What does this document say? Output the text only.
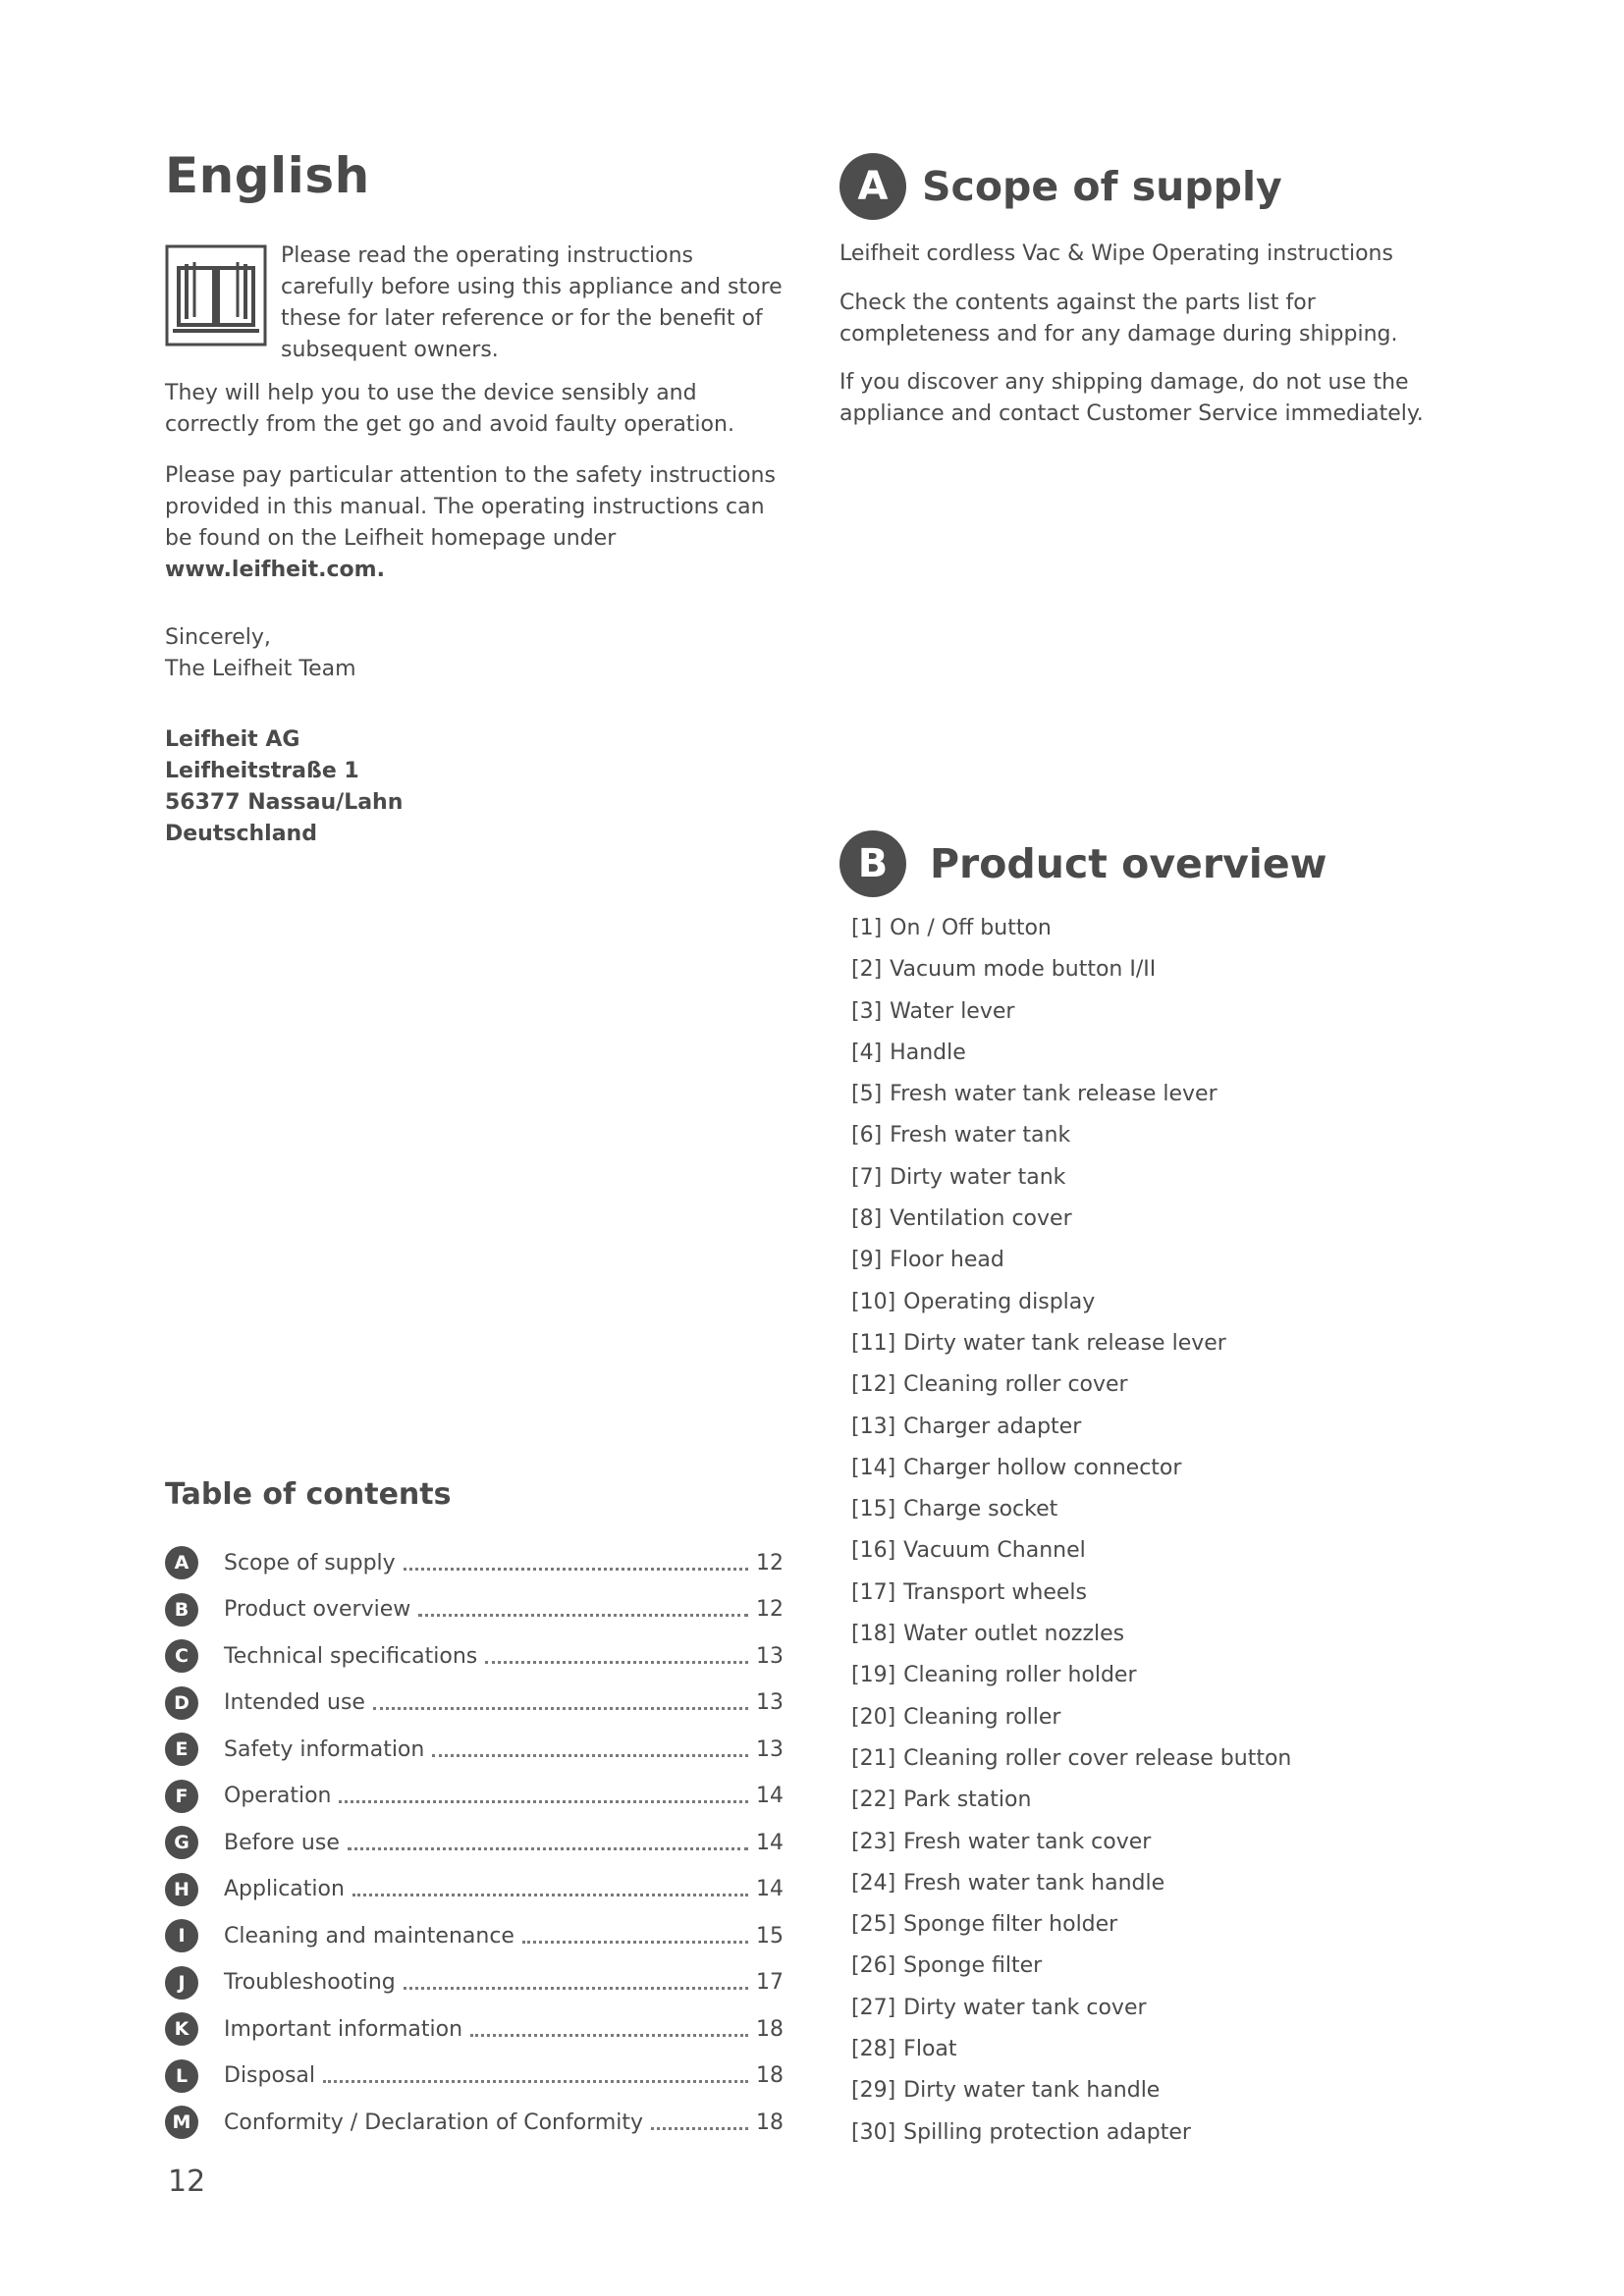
English

Please read the operating instructions carefully before using this appliance and store these for later reference or for the benefit of subsequent owners.

They will help you to use the device sensibly and correctly from the get go and avoid faulty operation.

Please pay particular attention to the safety instructions provided in this manual. The operating instructions can be found on the Leifheit homepage under www.leifheit.com.

Sincerely,

The Leifheit Team

Leifheit AG

Leifheitstraße 1

56377 Nassau/Lahn

Deutschland

Table of contents
A	Scope of supply	12
B	Product overview	12
C	Technical specifications	13
D	Intended use	13
E	Safety information	13
F	Operation	14
G	Before use	14
H	Application	14
I	Cleaning and maintenance	15
J	Troubleshooting	17
K	Important information	18
L	Disposal	18
M	Conformity / Declaration of Conformity	18
12
A Scope of supply

Leifheit cordless Vac & Wipe Operating instructions

Check the contents against the parts list for completeness and for any damage during shipping.

If you discover any shipping damage, do not use the appliance and contact Customer Service immediately.

B	Product overview
[1] On / Off button
[2] Vacuum mode button I/II
[3] Water lever
[4] Handle
[5] Fresh water tank release lever
[6] Fresh water tank
[7] Dirty water tank
[8] Ventilation cover
[9] Floor head
[10] Operating display
[11] Dirty water tank release lever
[12] Cleaning roller cover
[13] Charger adapter
[14] Charger hollow connector
[15] Charge socket
[16] Vacuum Channel
[17] Transport wheels
[18] Water outlet nozzles
[19] Cleaning roller holder
[20] Cleaning roller
[21] Cleaning roller cover release button
[22] Park station
[23] Fresh water tank cover
[24] Fresh water tank handle
[25] Sponge filter holder
[26] Sponge filter
[27] Dirty water tank cover
[28] Float
[29] Dirty water tank handle
[30] Spilling protection adapter
